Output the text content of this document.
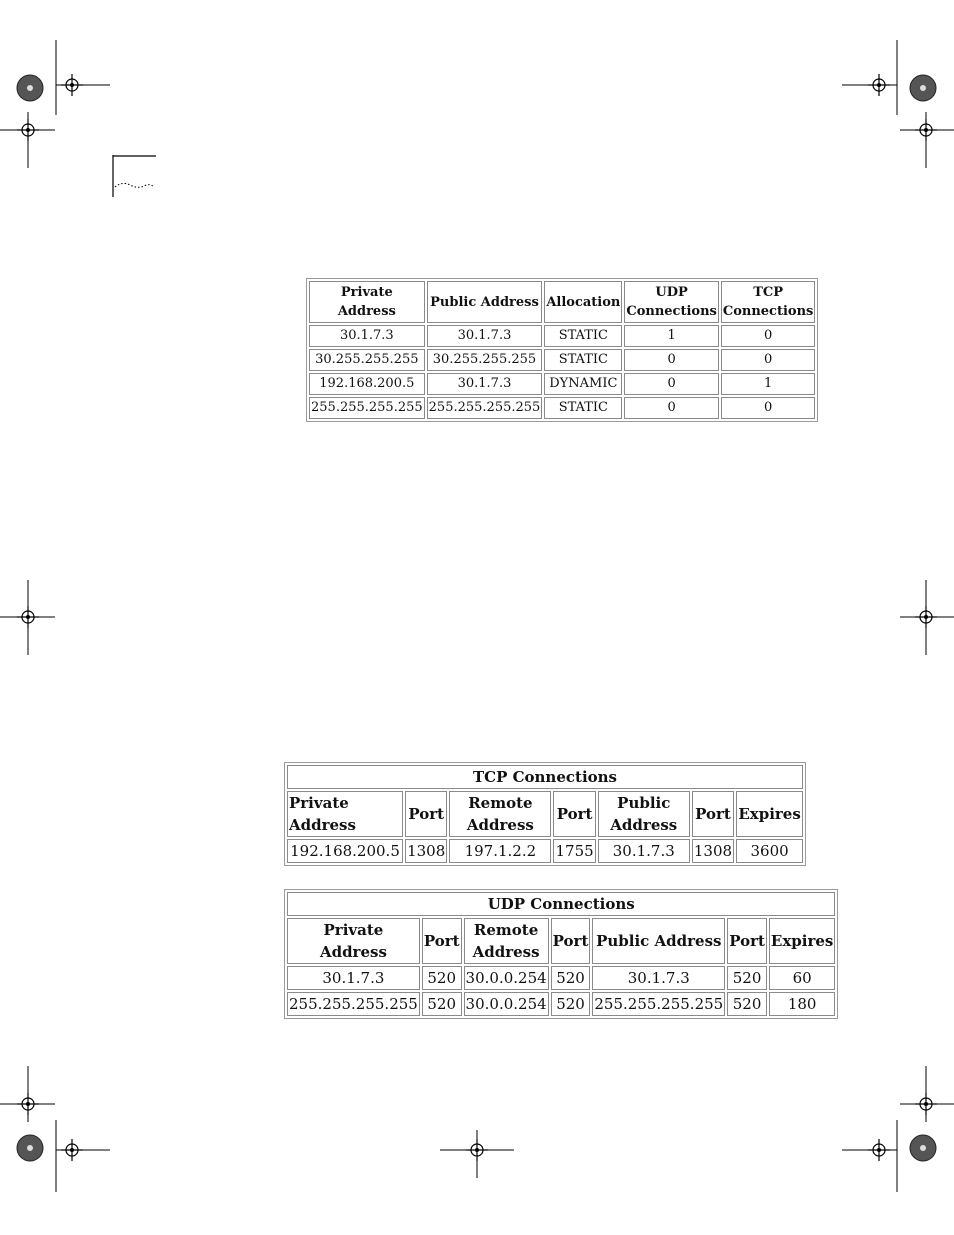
Private Address	Public Address	Allocation	UDP Connections	TCP Connections
30.1.7.3	30.1.7.3	STATIC	1	0
30.255.255.255	30.255.255.255	STATIC	0	0
192.168.200.5	30.1.7.3	DYNAMIC	0	1
255.255.255.255	255.255.255.255	STATIC	0	0
TCP Connections						
Private Address	Port	Remote Address	Port	Public Address	Port	Expires
192.168.200.5	1308	197.1.2.2	1755	30.1.7.3	1308	3600
UDP Connections						
Private Address	Port	Remote Address	Port	Public Address	Port	Expires
30.1.7.3	520	30.0.0.254	520	30.1.7.3	520	60
255.255.255.255	520	30.0.0.254	520	255.255.255.255	520	180
